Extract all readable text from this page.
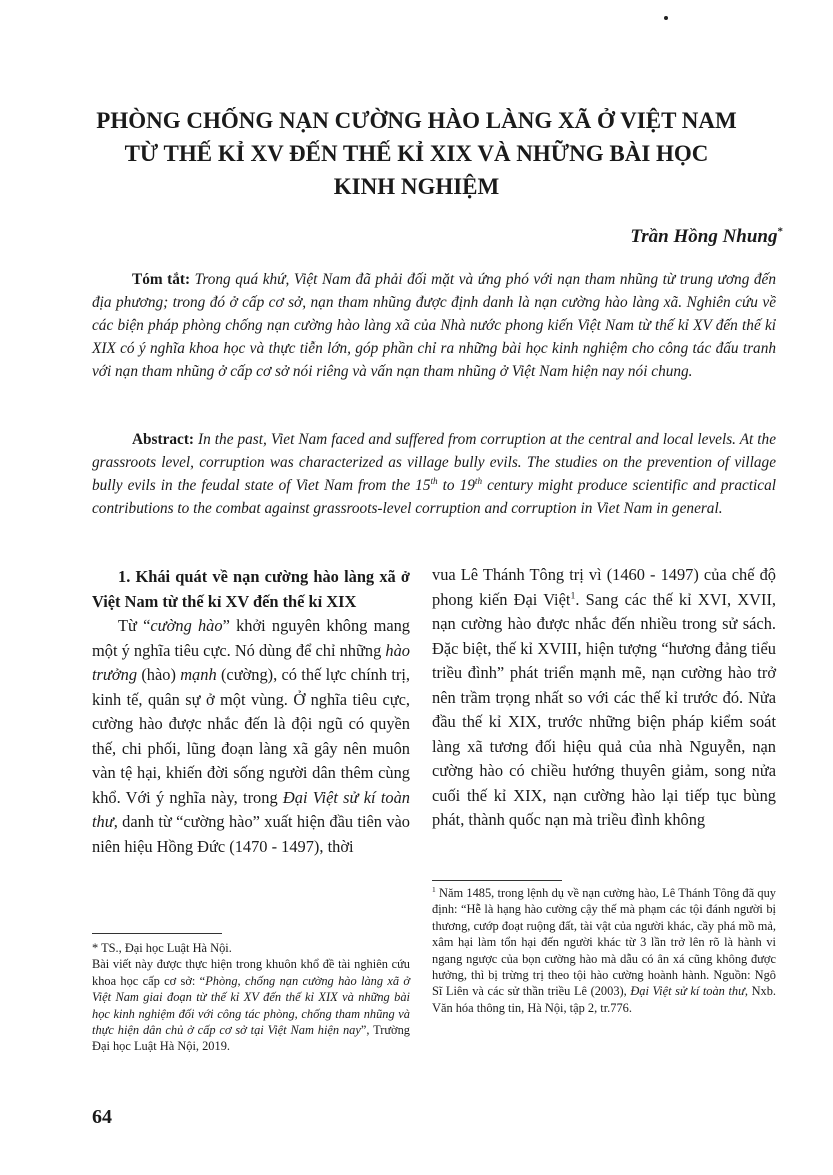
PHÒNG CHỐNG NẠN CƯỜNG HÀO LÀNG XÃ Ở VIỆT NAM
TỪ THẾ KỈ XV ĐẾN THẾ KỈ XIX VÀ NHỮNG BÀI HỌC
KINH NGHIỆM
Trần Hồng Nhung*

Tóm tắt: Trong quá khứ, Việt Nam đã phải đối mặt và ứng phó với nạn tham nhũng từ trung ương đến địa phương; trong đó ở cấp cơ sở, nạn tham nhũng được định danh là nạn cường hào làng xã. Nghiên cứu về các biện pháp phòng chống nạn cường hào làng xã của Nhà nước phong kiến Việt Nam từ thế kỉ XV đến thế kỉ XIX có ý nghĩa khoa học và thực tiễn lớn, góp phần chỉ ra những bài học kinh nghiệm cho công tác đấu tranh với nạn tham nhũng ở cấp cơ sở nói riêng và vấn nạn tham nhũng ở Việt Nam hiện nay nói chung.

Abstract: In the past, Viet Nam faced and suffered from corruption at the central and local levels. At the grassroots level, corruption was characterized as village bully evils. The studies on the prevention of village bully evils in the feudal state of Viet Nam from the 15th to 19th century might produce scientific and practical contributions to the combat against grassroots-level corruption and corruption in Viet Nam in general.

1. Khái quát về nạn cường hào làng xã ở Việt Nam từ thế kỉ XV đến thế kỉ XIX

Từ “cường hào” khởi nguyên không mang một ý nghĩa tiêu cực. Nó dùng để chỉ những hào trưởng (hào) mạnh (cường), có thế lực chính trị, kinh tế, quân sự ở một vùng. Ở nghĩa tiêu cực, cường hào được nhắc đến là đội ngũ có quyền thế, chi phối, lũng đoạn làng xã gây nên muôn vàn tệ hại, khiến đời sống người dân thêm cùng khổ. Với ý nghĩa này, trong Đại Việt sử kí toàn thư, danh từ “cường hào” xuất hiện đầu tiên vào niên hiệu Hồng Đức (1470 - 1497), thời

vua Lê Thánh Tông trị vì (1460 - 1497) của chế độ phong kiến Đại Việt$^1$. Sang các thế kỉ XVI, XVII, nạn cường hào được nhắc đến nhiều trong sử sách. Đặc biệt, thế kỉ XVIII, hiện tượng “hương đảng tiểu triều đình” phát triển mạnh mẽ, nạn cường hào trở nên trầm trọng nhất so với các thế kỉ trước đó. Nửa đầu thế kỉ XIX, trước những biện pháp kiểm soát làng xã tương đối hiệu quả của nhà Nguyễn, nạn cường hào có chiều hướng thuyên giảm, song nửa cuối thế kỉ XIX, nạn cường hào lại tiếp tục bùng phát, thành quốc nạn mà triều đình không

* TS., Đại học Luật Hà Nội.

Bài viết này được thực hiện trong khuôn khổ đề tài nghiên cứu khoa học cấp cơ sở: “Phòng, chống nạn cường hào làng xã ở Việt Nam giai đoạn từ thế kỉ XV đến thế kỉ XIX và những bài học kinh nghiệm đối với công tác phòng, chống tham nhũng và thực hiện dân chủ ở cấp cơ sở tại Việt Nam hiện nay”, Trường Đại học Luật Hà Nội, 2019.

$^1$ Năm 1485, trong lệnh dụ về nạn cường hào, Lê Thánh Tông đã quy định: “Hễ là hạng hào cường cậy thế mà phạm các tội đánh người bị thương, cướp đoạt ruộng đất, tài vật của người khác, cầy phá mồ mả, xâm hại làm tổn hại đến người khác từ 3 lần trở lên rõ là hành vi ngang ngược của bọn cường hào mà dẫu có ân xá cũng không được hưởng, thì bị trừng trị theo tội hào cường hoành hành. Nguồn: Ngô Sĩ Liên và các sử thần triều Lê (2003), Đại Việt sử kí toàn thư, Nxb. Văn hóa thông tin, Hà Nội, tập 2, tr.776.

64
